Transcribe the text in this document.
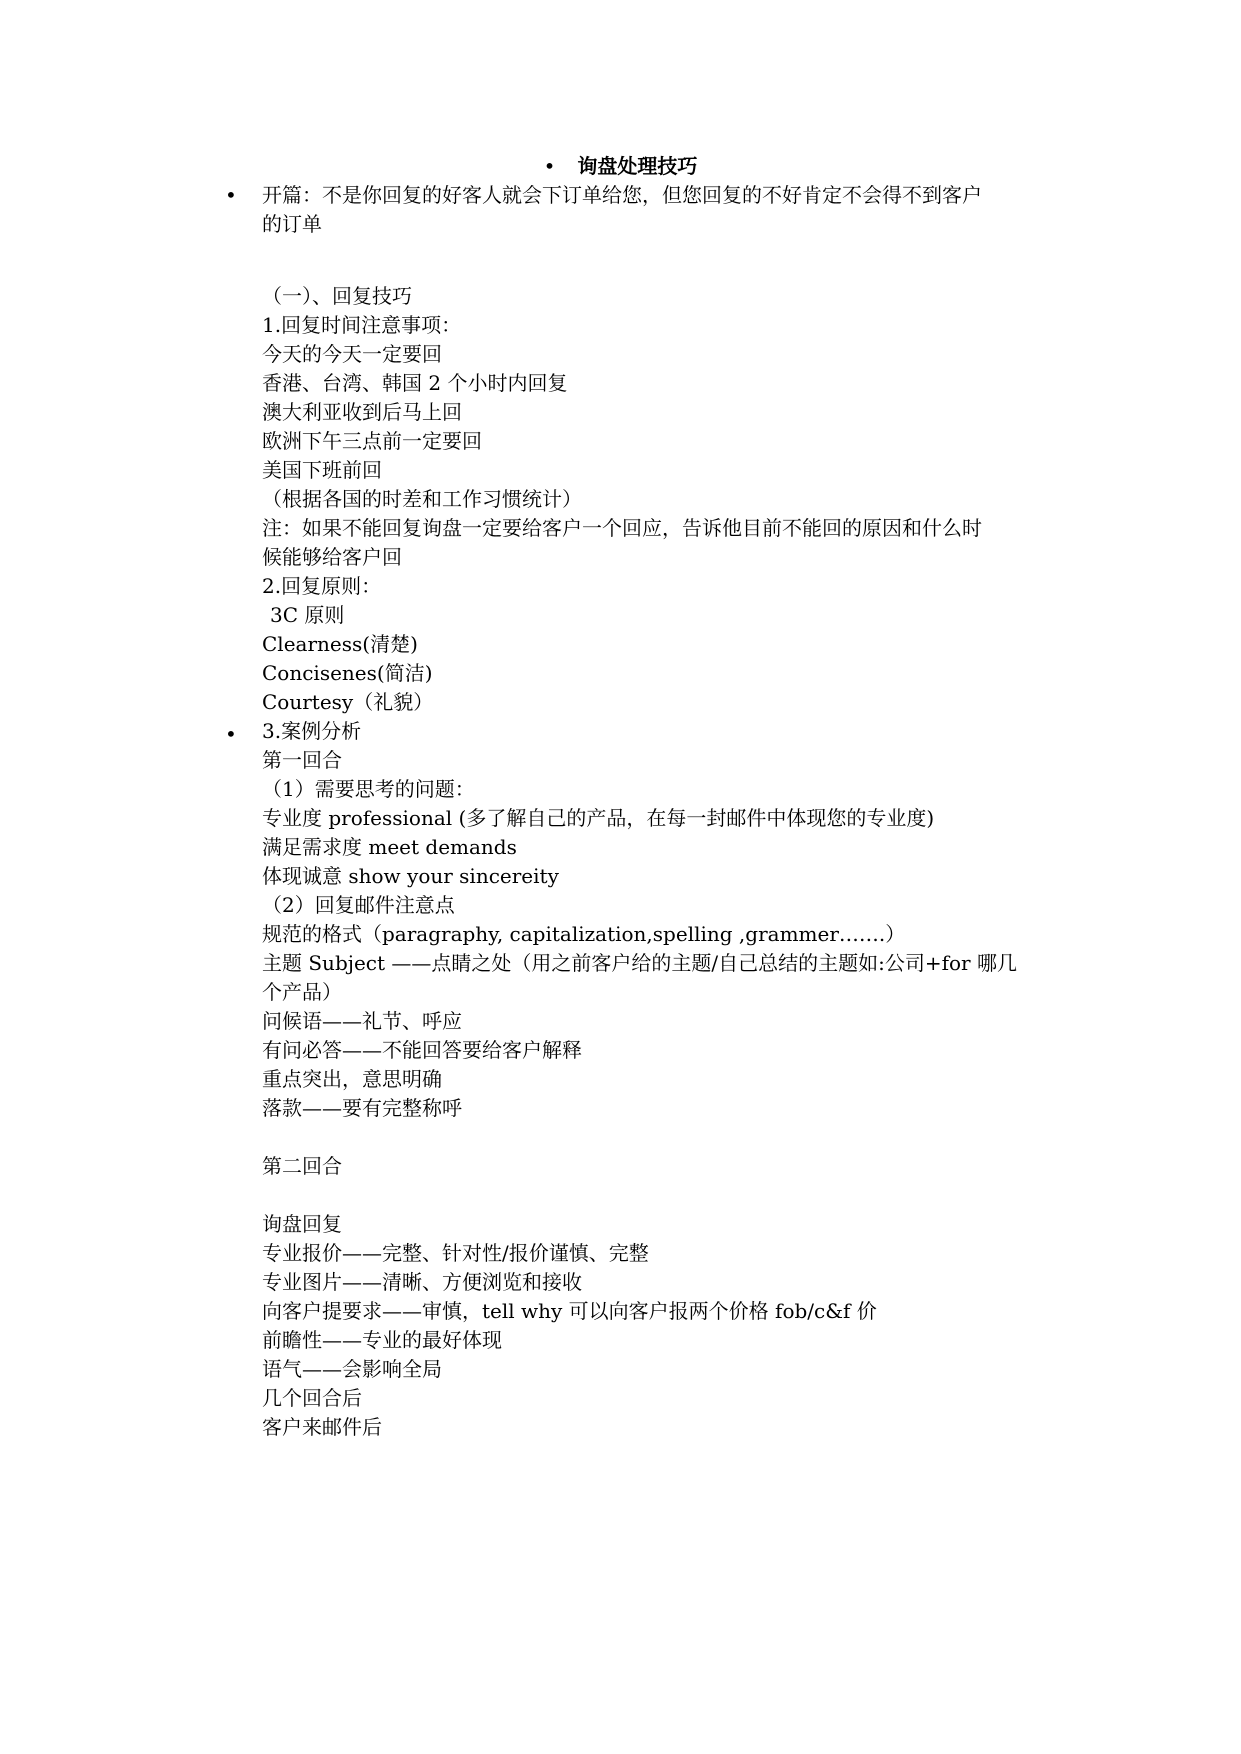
• 询盘处理技巧
•
•
开篇：不是你回复的好客人就会下订单给您，但您回复的不好肯定不会得不到客户
的订单
（一）、回复技巧
1.回复时间注意事项：
今天的今天一定要回
香港、台湾、韩国 2 个小时内回复
澳大利亚收到后马上回
欧洲下午三点前一定要回
美国下班前回
（根据各国的时差和工作习惯统计）
注：如果不能回复询盘一定要给客户一个回应，告诉他目前不能回的原因和什么时
候能够给客户回
2.回复原则：
3C 原则
Clearness(清楚)
Concisenes(简洁)
Courtesy（礼貌）
3.案例分析
第一回合
（1）需要思考的问题：
专业度 professional (多了解自己的产品，在每一封邮件中体现您的专业度)
满足需求度 meet demands
体现诚意 show your sincereity
（2）回复邮件注意点
规范的格式（paragraphy, capitalization,spelling ,grammer…….）
主题 Subject ——点睛之处（用之前客户给的主题/自己总结的主题如:公司+for 哪几
个产品）
问候语——礼节、呼应
有问必答——不能回答要给客户解释
重点突出，意思明确
落款——要有完整称呼
第二回合
询盘回复
专业报价——完整、针对性/报价谨慎、完整
专业图片——清晰、方便浏览和接收
向客户提要求——审慎，tell why 可以向客户报两个价格 fob/c&f 价
前瞻性——专业的最好体现
语气——会影响全局
几个回合后
客户来邮件后
